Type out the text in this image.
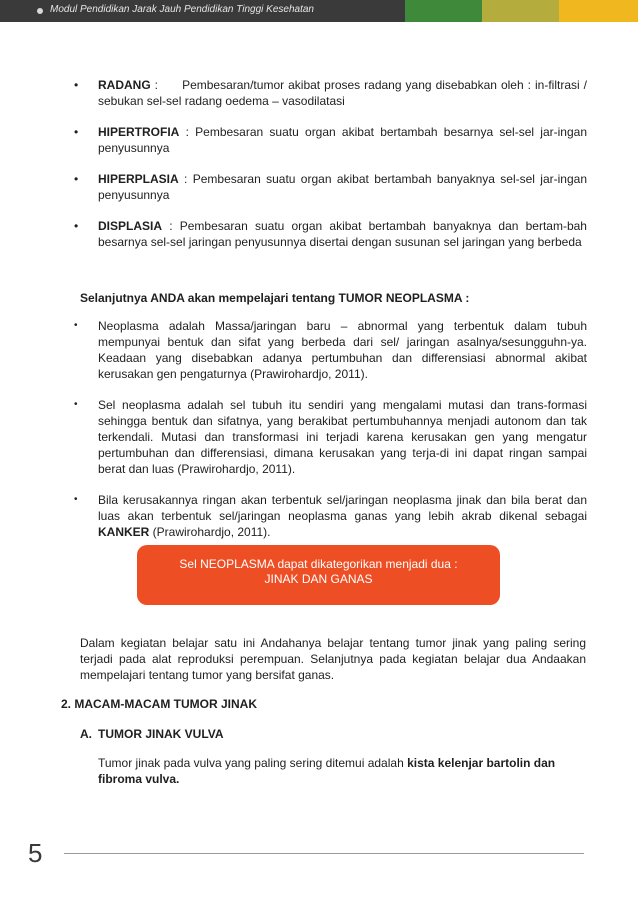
Modul Pendidikan Jarak Jauh Pendidikan Tinggi Kesehatan
• RADANG :      Pembesaran/tumor akibat proses radang yang disebabkan oleh : in-filtrasi / sebukan sel-sel radang oedema – vasodilatasi
• HIPERTROFIA : Pembesaran suatu organ akibat bertambah besarnya sel-sel jar-ingan penyusunnya
• HIPERPLASIA : Pembesaran suatu organ akibat bertambah banyaknya sel-sel jar-ingan penyusunnya
• DISPLASIA : Pembesaran suatu organ akibat bertambah banyaknya dan bertam-bah besarnya sel-sel jaringan penyusunnya disertai dengan susunan sel jaringan yang berbeda
Selanjutnya ANDA akan mempelajari tentang TUMOR NEOPLASMA :
• Neoplasma adalah Massa/jaringan baru – abnormal yang terbentuk dalam tubuh mempunyai bentuk dan sifat yang berbeda dari sel/ jaringan asalnya/sesungguhn-ya. Keadaan yang disebabkan adanya pertumbuhan dan differensiasi abnormal akibat kerusakan gen pengaturnya (Prawirohardjo, 2011).
• Sel neoplasma adalah sel tubuh itu sendiri yang mengalami mutasi dan trans-formasi sehingga bentuk dan sifatnya, yang berakibat pertumbuhannya menjadi autonom dan tak terkendali. Mutasi dan transformasi ini terjadi karena kerusakan gen yang mengatur pertumbuhan dan differensiasi, dimana kerusakan yang terja-di ini dapat ringan sampai berat dan luas (Prawirohardjo, 2011).
• Bila kerusakannya ringan akan terbentuk sel/jaringan neoplasma jinak dan bila berat dan luas akan terbentuk sel/jaringan neoplasma ganas yang lebih akrab dikenal sebagai KANKER (Prawirohardjo, 2011).
Sel NEOPLASMA dapat dikategorikan menjadi dua :
JINAK DAN GANAS
Dalam kegiatan belajar satu ini Andahanya belajar tentang tumor jinak yang paling sering terjadi pada alat reproduksi perempuan. Selanjutnya pada kegiatan belajar dua Andaakan mempelajari tentang tumor yang bersifat ganas.
2. MACAM-MACAM TUMOR JINAK
A. TUMOR JINAK VULVA
Tumor jinak pada vulva yang paling sering ditemui adalah kista kelenjar bartolin dan fibroma vulva.
5
